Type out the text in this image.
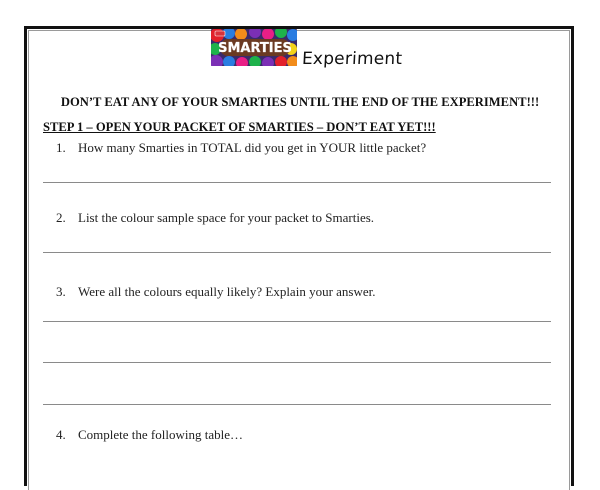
SMARTIES
Experiment
DON’T EAT ANY OF YOUR SMARTIES UNTIL THE END OF THE EXPERIMENT!!!
STEP 1 – OPEN YOUR PACKET OF SMARTIES – DON’T EAT YET!!!
1. How many Smarties in TOTAL did you get in YOUR little packet?
2. List the colour sample space for your packet to Smarties.
3. Were all the colours equally likely? Explain your answer.
4. Complete the following table…
